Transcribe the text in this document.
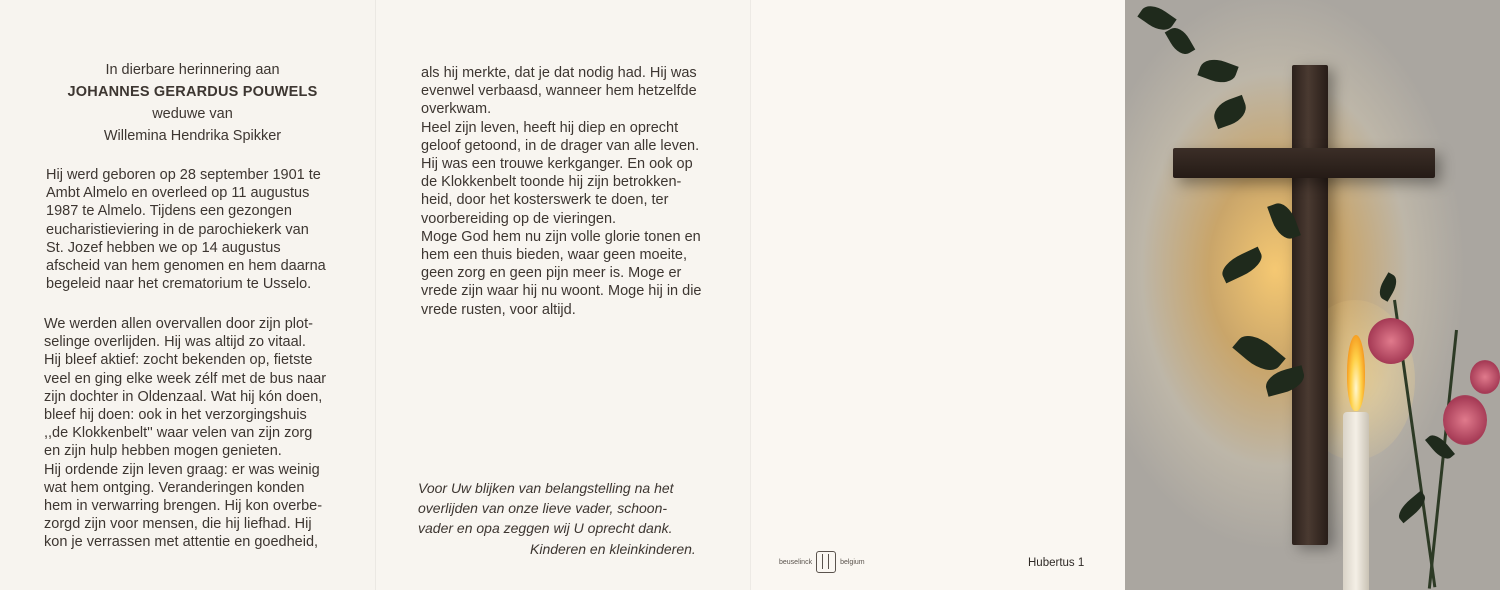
In dierbare herinnering aan
JOHANNES GERARDUS POUWELS
weduwe van
Willemina Hendrika Spikker
Hij werd geboren op 28 september 1901 te
Ambt Almelo en overleed op 11 augustus
1987 te Almelo. Tijdens een gezongen
eucharistieviering in de parochiekerk van
St. Jozef hebben we op 14 augustus
afscheid van hem genomen en hem daarna
begeleid naar het crematorium te Usselo.
We werden allen overvallen door zijn plot-
selinge overlijden. Hij was altijd zo vitaal.
Hij bleef aktief: zocht bekenden op, fietste
veel en ging elke week zélf met de bus naar
zijn dochter in Oldenzaal. Wat hij kón doen,
bleef hij doen: ook in het verzorgingshuis
,,de Klokkenbelt'' waar velen van zijn zorg
en zijn hulp hebben mogen genieten.
Hij ordende zijn leven graag: er was weinig
wat hem ontging. Veranderingen konden
hem in verwarring brengen. Hij kon overbe-
zorgd zijn voor mensen, die hij liefhad. Hij
kon je verrassen met attentie en goedheid,
als hij merkte, dat je dat nodig had. Hij was
evenwel verbaasd, wanneer hem hetzelfde
overkwam.
Heel zijn leven, heeft hij diep en oprecht
geloof getoond, in de drager van alle leven.
Hij was een trouwe kerkganger. En ook op
de Klokkenbelt toonde hij zijn betrokken-
heid, door het kosterswerk te doen, ter
voorbereiding op de vieringen.
Moge God hem nu zijn volle glorie tonen en
hem een thuis bieden, waar geen moeite,
geen zorg en geen pijn meer is. Moge er
vrede zijn waar hij nu woont. Moge hij in die
vrede rusten, voor altijd.
Voor Uw blijken van belangstelling na het
overlijden van onze lieve vader, schoon-
vader en opa zeggen wij U oprecht dank.
Kinderen en kleinkinderen.
beuselinck	belgium	Hubertus 1
